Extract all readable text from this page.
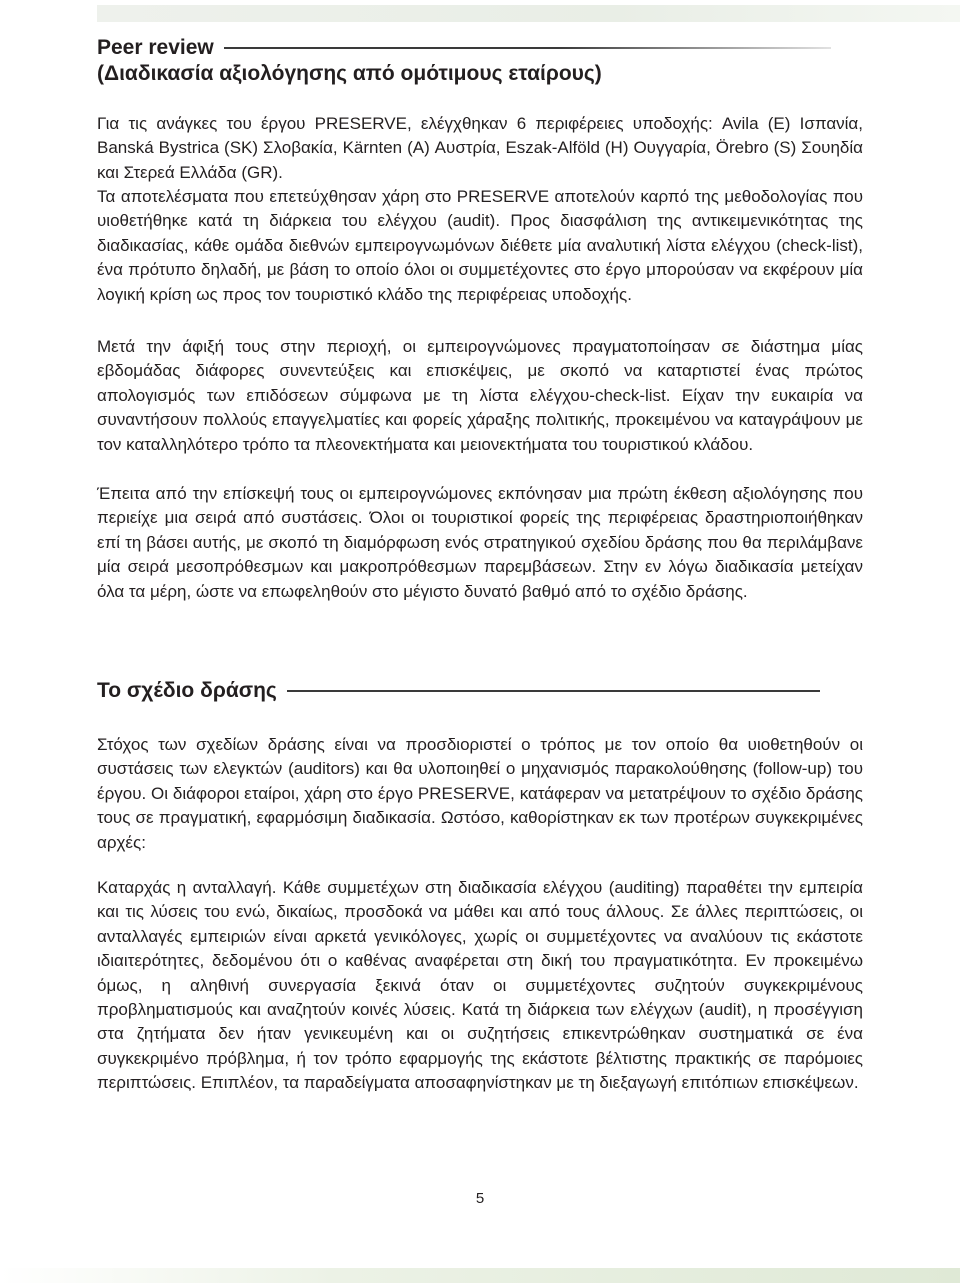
Peer review
(Διαδικασία αξιολόγησης από ομότιμους εταίρους)

Για τις ανάγκες του έργου PRESERVE, ελέγχθηκαν 6 περιφέρειες υποδοχής: Avila (E) Ισπανία, Banská Bystrica (SK) Σλοβακία, Kärnten (A) Αυστρία, Eszak-Alföld (H) Ουγγαρία, Örebro (S) Σουηδία και Στερεά Ελλάδα (GR).

Τα αποτελέσματα που επετεύχθησαν χάρη στο PRESERVE αποτελούν καρπό της μεθοδολογίας που υιοθετήθηκε κατά τη διάρκεια του ελέγχου (audit). Προς διασφάλιση της αντικειμενικότητας της διαδικασίας, κάθε ομάδα διεθνών εμπειρογνωμόνων διέθετε μία αναλυτική λίστα ελέγχου (check-list), ένα πρότυπο δηλαδή, με βάση το οποίο όλοι οι συμμετέχοντες στο έργο μπορούσαν να εκφέρουν μία λογική κρίση ως προς τον τουριστικό κλάδο της περιφέρειας υποδοχής.

Μετά την άφιξή τους στην περιοχή, οι εμπειρογνώμονες πραγματοποίησαν σε διάστημα μίας εβδομάδας διάφορες συνεντεύξεις και επισκέψεις, με σκοπό να καταρτιστεί ένας πρώτος απολογισμός των επιδόσεων σύμφωνα με τη λίστα ελέγχου-check-list. Είχαν την ευκαιρία να συναντήσουν πολλούς επαγγελματίες και φορείς χάραξης πολιτικής, προκειμένου να καταγράψουν με τον καταλληλότερο τρόπο τα πλεονεκτήματα και μειονεκτήματα του τουριστικού κλάδου.

Έπειτα από την επίσκεψή τους οι εμπειρογνώμονες εκπόνησαν μια πρώτη έκθεση αξιολόγησης που περιείχε μια σειρά από συστάσεις. Όλοι οι τουριστικοί φορείς της περιφέρειας δραστηριοποιήθηκαν επί τη βάσει αυτής, με σκοπό τη διαμόρφωση ενός στρατηγικού σχεδίου δράσης που θα περιλάμβανε μία σειρά μεσοπρόθεσμων και μακροπρόθεσμων παρεμβάσεων. Στην εν λόγω διαδικασία μετείχαν όλα τα μέρη, ώστε να επωφεληθούν στο μέγιστο δυνατό βαθμό από το σχέδιο δράσης.

Το σχέδιο δράσης

Στόχος των σχεδίων δράσης είναι να προσδιοριστεί ο τρόπος με τον οποίο θα υιοθετηθούν οι συστάσεις των ελεγκτών (auditors) και θα υλοποιηθεί ο μηχανισμός παρακολούθησης (follow-up) του έργου. Οι διάφοροι εταίροι, χάρη στο έργο PRESERVE, κατάφεραν να μετατρέψουν το σχέδιο δράσης τους σε πραγματική, εφαρμόσιμη διαδικασία. Ωστόσο, καθορίστηκαν εκ των προτέρων συγκεκριμένες αρχές:

Καταρχάς η ανταλλαγή. Κάθε συμμετέχων στη διαδικασία ελέγχου (auditing) παραθέτει την εμπειρία και τις λύσεις του ενώ, δικαίως, προσδοκά να μάθει και από τους άλλους. Σε άλλες περιπτώσεις, οι ανταλλαγές εμπειριών είναι αρκετά γενικόλογες, χωρίς οι συμμετέχοντες να αναλύουν τις εκάστοτε ιδιαιτερότητες, δεδομένου ότι ο καθένας αναφέρεται στη δική του πραγματικότητα. Εν προκειμένω όμως, η αληθινή συνεργασία ξεκινά όταν οι συμμετέχοντες συζητούν συγκεκριμένους προβληματισμούς και αναζητούν κοινές λύσεις. Κατά τη διάρκεια των ελέγχων (audit), η προσέγγιση στα ζητήματα δεν ήταν γενικευμένη και οι συζητήσεις επικεντρώθηκαν συστηματικά σε ένα συγκεκριμένο πρόβλημα, ή τον τρόπο εφαρμογής της εκάστοτε βέλτιστης πρακτικής σε παρόμοιες περιπτώσεις. Επιπλέον, τα παραδείγματα αποσαφηνίστηκαν με τη διεξαγωγή επιτόπιων επισκέψεων.

5
